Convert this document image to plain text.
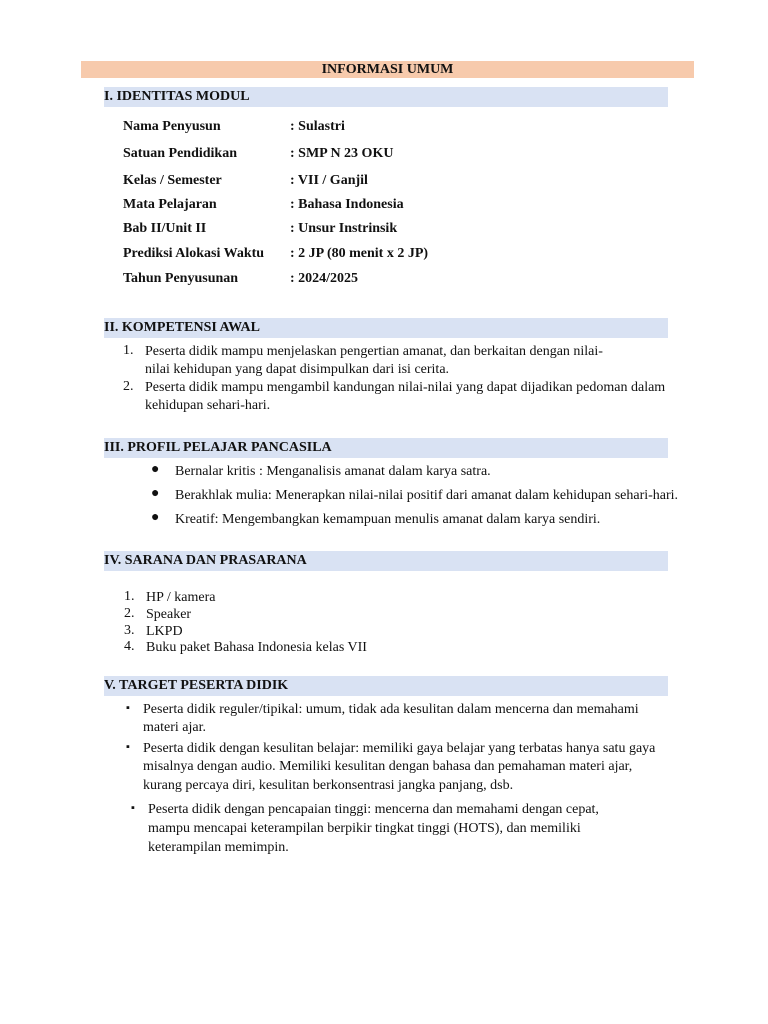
INFORMASI UMUM
I. IDENTITAS MODUL
Nama Penyusun	: Sulastri
Satuan Pendidikan	: SMP N 23 OKU
Kelas / Semester	: VII / Ganjil
Mata Pelajaran	: Bahasa Indonesia
Bab II/Unit II	: Unsur Instrinsik
Prediksi Alokasi Waktu : 2 JP (80 menit x 2 JP)
Tahun Penyusunan	: 2024/2025
II. KOMPETENSI AWAL
1. Peserta didik mampu menjelaskan pengertian amanat, dan berkaitan dengan nilai-
nilai kehidupan yang dapat disimpulkan dari isi cerita.
2. Peserta didik mampu mengambil kandungan nilai-nilai yang dapat dijadikan pedoman dalam
kehidupan sehari-hari.
III. PROFIL PELAJAR PANCASILA
● Bernalar kritis : Menganalisis amanat dalam karya satra.
● Berakhlak mulia: Menerapkan nilai-nilai positif dari amanat dalam kehidupan sehari-hari.
● Kreatif: Mengembangkan kemampuan menulis amanat dalam karya sendiri.
IV. SARANA DAN PRASARANA
1. HP / kamera
2. Speaker
3. LKPD
4. Buku paket Bahasa Indonesia kelas VII
V. TARGET PESERTA DIDIK
▪ Peserta didik reguler/tipikal: umum, tidak ada kesulitan dalam mencerna dan memahami
materi ajar.
▪ Peserta didik dengan kesulitan belajar: memiliki gaya belajar yang terbatas hanya satu gaya
misalnya dengan audio. Memiliki kesulitan dengan bahasa dan pemahaman materi ajar,
kurang percaya diri, kesulitan berkonsentrasi jangka panjang, dsb.
▪ Peserta didik dengan pencapaian tinggi: mencerna dan memahami dengan cepat,
mampu mencapai keterampilan berpikir tingkat tinggi (HOTS), dan memiliki
keterampilan memimpin.
